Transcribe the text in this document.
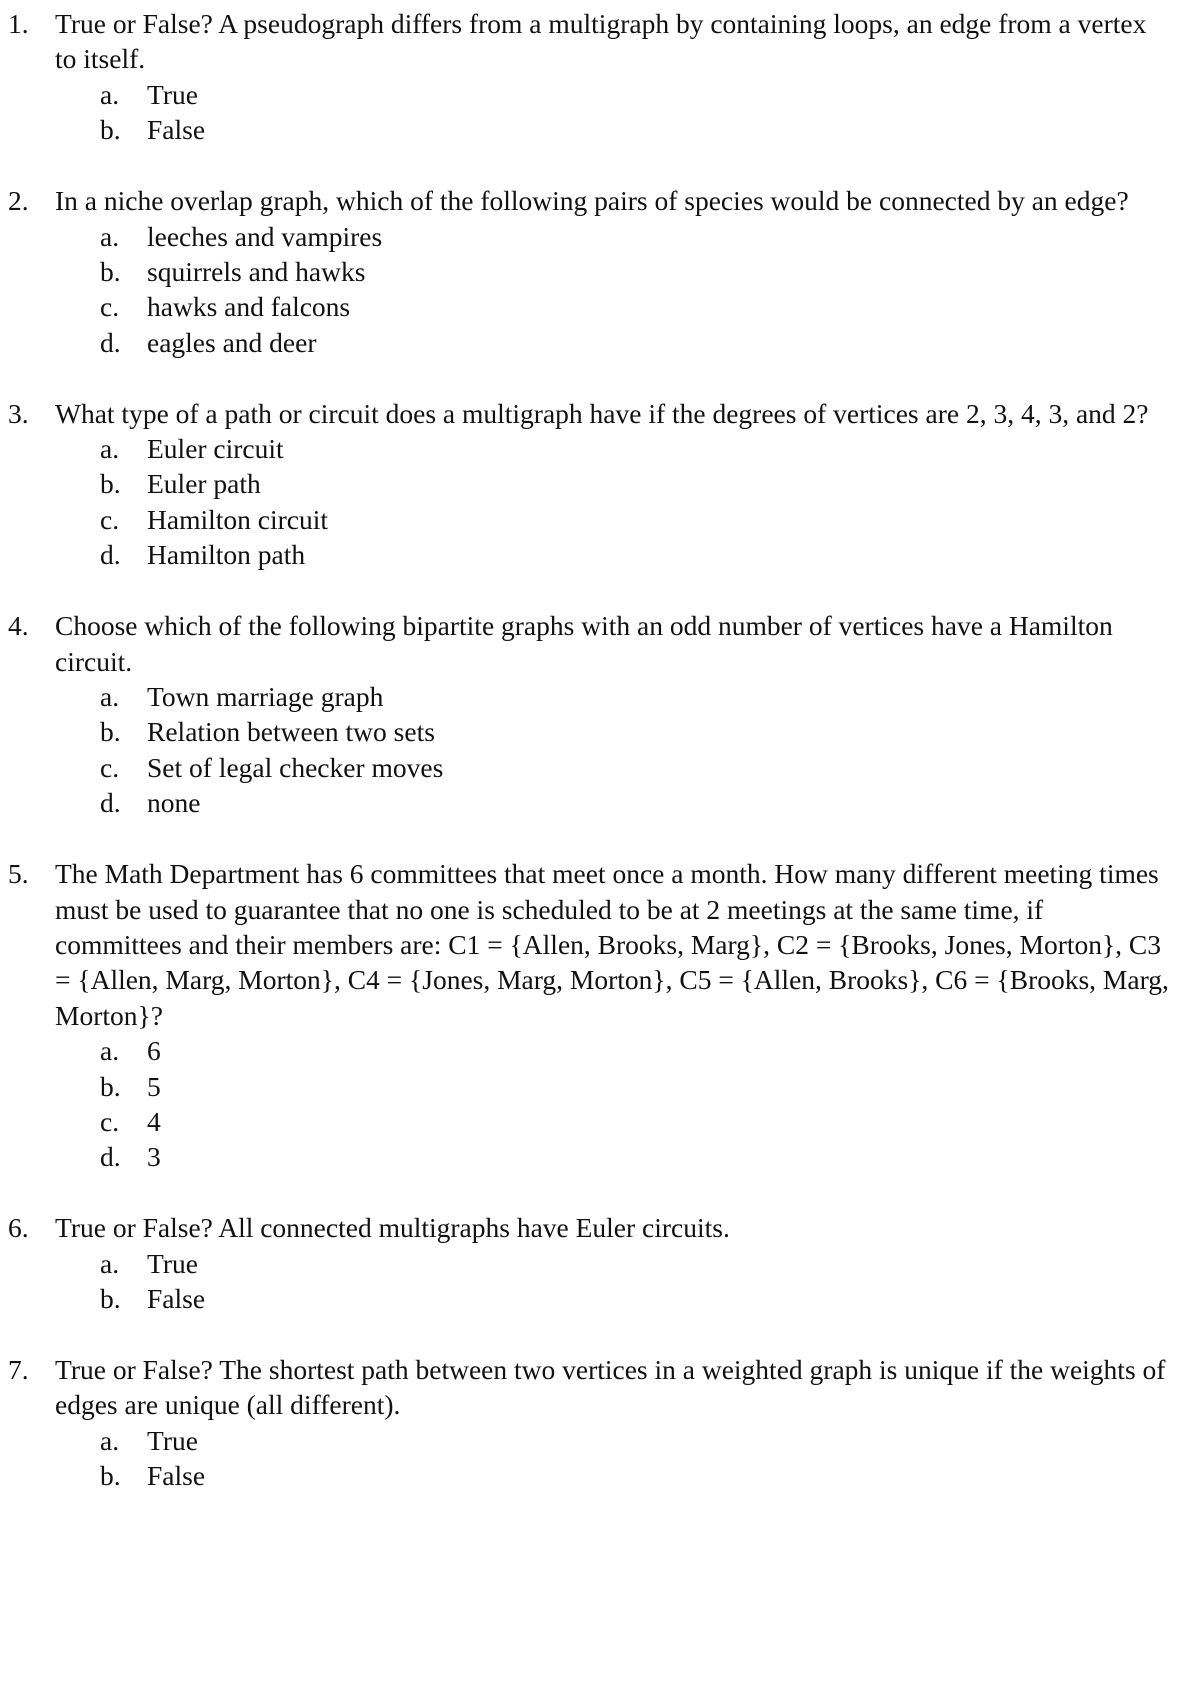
1. True or False? A pseudograph differs from a multigraph by containing loops, an edge from a vertex to itself.
a.	True
b. False
2. In a niche overlap graph, which of the following pairs of species would be connected by an edge?
a.	leeches and vampires
b. squirrels and hawks
c.	hawks and falcons
d. eagles and deer
3. What type of a path or circuit does a multigraph have if the degrees of vertices are 2, 3, 4, 3, and 2?
a.	Euler circuit
b. Euler path
c.	Hamilton circuit
d. Hamilton path
4. Choose which of the following bipartite graphs with an odd number of vertices have a Hamilton circuit.
a.	Town marriage graph
b. Relation between two sets
c.	Set of legal checker moves
d. none
5. The Math Department has 6 committees that meet once a month. How many different meeting times must be used to guarantee that no one is scheduled to be at 2 meetings at the same time, if committees and their members are: C1 = {Allen, Brooks, Marg}, C2 = {Brooks, Jones, Morton}, C3 = {Allen, Marg, Morton}, C4 = {Jones, Marg, Morton}, C5 = {Allen, Brooks}, C6 = {Brooks, Marg, Morton}?
a.	6
b. 5
c.	4
d. 3
6. True or False? All connected multigraphs have Euler circuits.
a.	True
b. False
7. True or False? The shortest path between two vertices in a weighted graph is unique if the weights of edges are unique (all different).
a.	True
b. False
